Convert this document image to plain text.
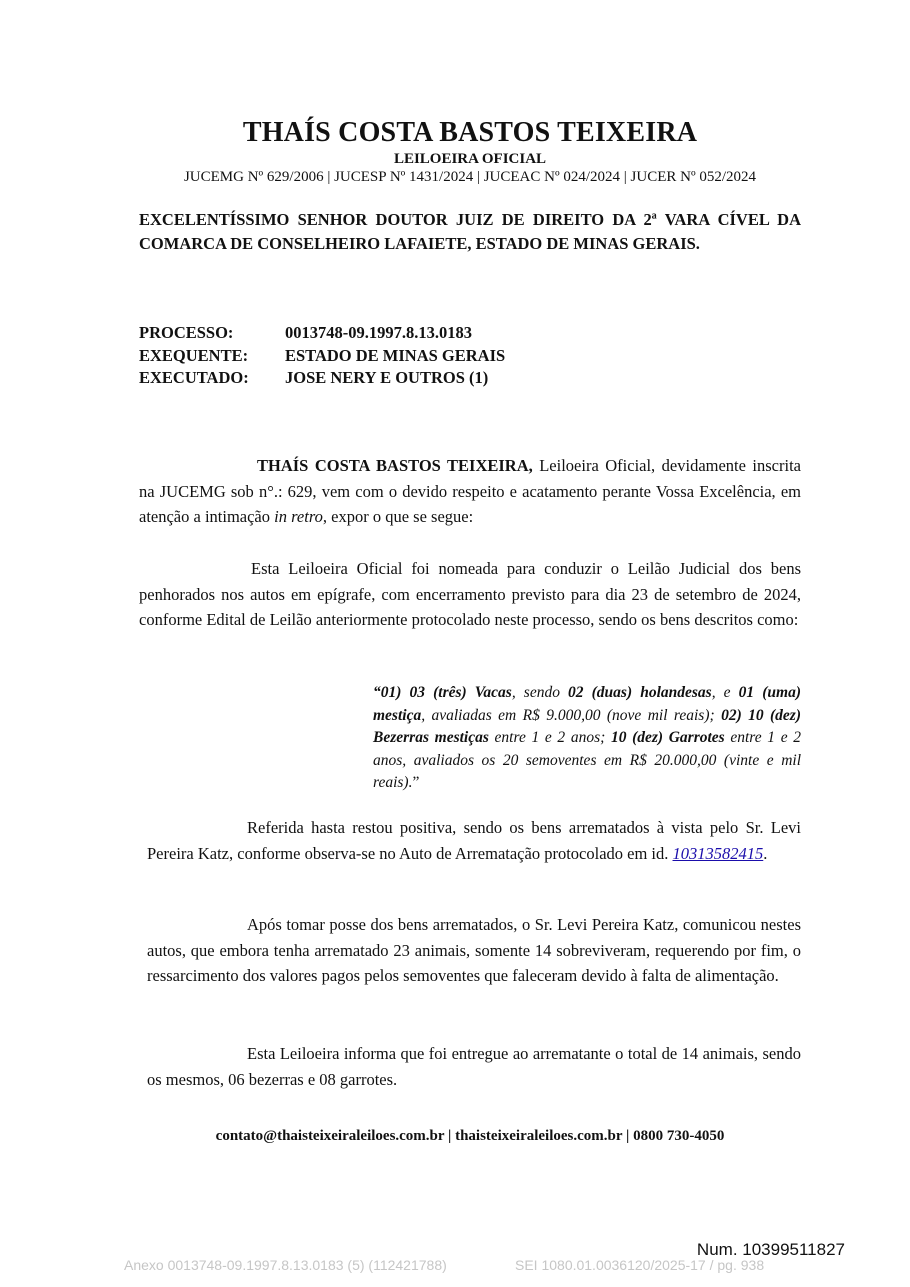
THAÍS COSTA BASTOS TEIXEIRA
LEILOEIRA OFICIAL
JUCEMG Nº 629/2006 | JUCESP Nº 1431/2024 | JUCEAC Nº 024/2024 | JUCER Nº 052/2024
EXCELENTÍSSIMO SENHOR DOUTOR JUIZ DE DIREITO DA 2ª VARA CÍVEL DA COMARCA DE CONSELHEIRO LAFAIETE, ESTADO DE MINAS GERAIS.
PROCESSO:	0013748-09.1997.8.13.0183
EXEQUENTE:	ESTADO DE MINAS GERAIS
EXECUTADO:	JOSE NERY E OUTROS (1)
THAÍS COSTA BASTOS TEIXEIRA, Leiloeira Oficial, devidamente inscrita na JUCEMG sob n°.: 629, vem com o devido respeito e acatamento perante Vossa Excelência, em atenção a intimação in retro, expor o que se segue:
Esta Leiloeira Oficial foi nomeada para conduzir o Leilão Judicial dos bens penhorados nos autos em epígrafe, com encerramento previsto para dia 23 de setembro de 2024, conforme Edital de Leilão anteriormente protocolado neste processo, sendo os bens descritos como:
“01) 03 (três) Vacas, sendo 02 (duas) holandesas, e 01 (uma) mestiça, avaliadas em R$ 9.000,00 (nove mil reais); 02) 10 (dez) Bezerras mestiças entre 1 e 2 anos; 10 (dez) Garrotes entre 1 e 2 anos, avaliados os 20 semoventes em R$ 20.000,00 (vinte e mil reais).”
Referida hasta restou positiva, sendo os bens arrematados à vista pelo Sr. Levi Pereira Katz, conforme observa-se no Auto de Arrematação protocolado em id. 10313582415.
Após tomar posse dos bens arrematados, o Sr. Levi Pereira Katz, comunicou nestes autos, que embora tenha arrematado 23 animais, somente 14 sobreviveram, requerendo por fim, o ressarcimento dos valores pagos pelos semoventes que faleceram devido à falta de alimentação.
Esta Leiloeira informa que foi entregue ao arrematante o total de 14 animais, sendo os mesmos, 06 bezerras e 08 garrotes.
contato@thaisteixeiraleiloes.com.br | thaisteixeiraleiloes.com.br | 0800 730-4050
Num. 10399511827
Anexo 0013748-09.1997.8.13.0183 (5) (112421788)	SEI 1080.01.0036120/2025-17 / pg. 938
